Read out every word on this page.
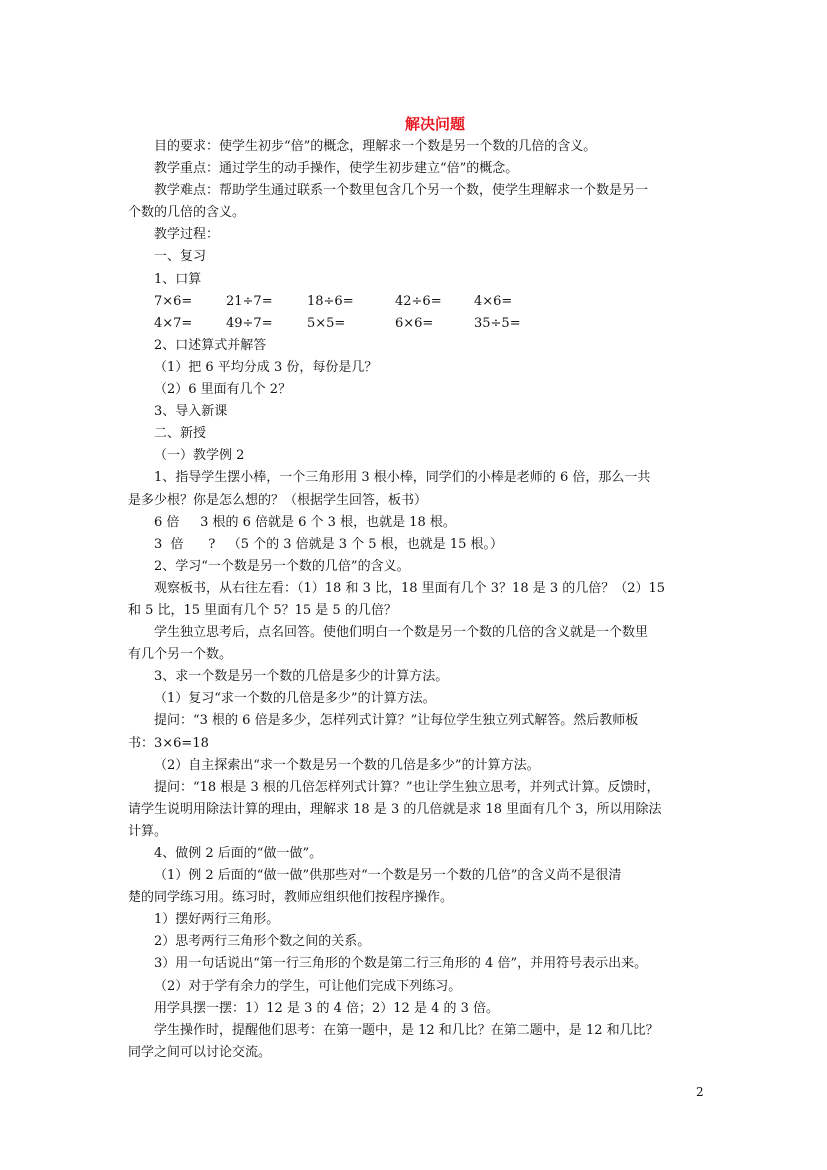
解决问题
目的要求：使学生初步“倍”的概念，理解求一个数是另一个数的几倍的含义。
教学重点：通过学生的动手操作，使学生初步建立“倍”的概念。
教学难点：帮助学生通过联系一个数里包含几个另一个数，使学生理解求一个数是另一
个数的几倍的含义。
教学过程：
一、复习
1、口算
7×6=	21÷7=	18÷6=	42÷6=	4×6=
4×7=	49÷7=	5×5=	6×6=	35÷5=
2、口述算式并解答
（1）把 6 平均分成 3 份，每份是几？
（2）6 里面有几个 2？
3、导入新课
二、新授
（一）教学例 2
1、指导学生摆小棒，一个三角形用 3 根小棒，同学们的小棒是老师的 6 倍，那么一共
是多少根？你是怎么想的？（根据学生回答，板书）
6 倍     3 根的 6 倍就是 6 个 3 根，也就是 18 根。
3  倍      ?   （5 个的 3 倍就是 3 个 5 根，也就是 15 根。）
2、学习“一个数是另一个数的几倍”的含义。
观察板书，从右往左看：（1）18 和 3 比，18 里面有几个 3？18 是 3 的几倍？（2）15
和 5 比，15 里面有几个 5？15 是 5 的几倍？
学生独立思考后，点名回答。使他们明白一个数是另一个数的几倍的含义就是一个数里
有几个另一个数。
3、求一个数是另一个数的几倍是多少的计算方法。
（1）复习“求一个数的几倍是多少”的计算方法。
提问：“3 根的 6 倍是多少，怎样列式计算？”让每位学生独立列式解答。然后教师板
书：3×6=18
（2）自主探索出“求一个数是另一个数的几倍是多少”的计算方法。
提问：“18 根是 3 根的几倍怎样列式计算？”也让学生独立思考，并列式计算。反馈时，
请学生说明用除法计算的理由，理解求 18 是 3 的几倍就是求 18 里面有几个 3，所以用除法
计算。
4、做例 2 后面的“做一做”。
（1）例 2 后面的“做一做”供那些对“一个数是另一个数的几倍”的含义尚不是很清
楚的同学练习用。练习时，教师应组织他们按程序操作。
1）摆好两行三角形。
2）思考两行三角形个数之间的关系。
3）用一句话说出“第一行三角形的个数是第二行三角形的 4 倍”，并用符号表示出来。
（2）对于学有余力的学生，可让他们完成下列练习。
用学具摆一摆：1）12 是 3 的 4 倍；2）12 是 4 的 3 倍。
学生操作时，提醒他们思考：在第一题中，是 12 和几比？在第二题中，是 12 和几比？
同学之间可以讨论交流。
2
